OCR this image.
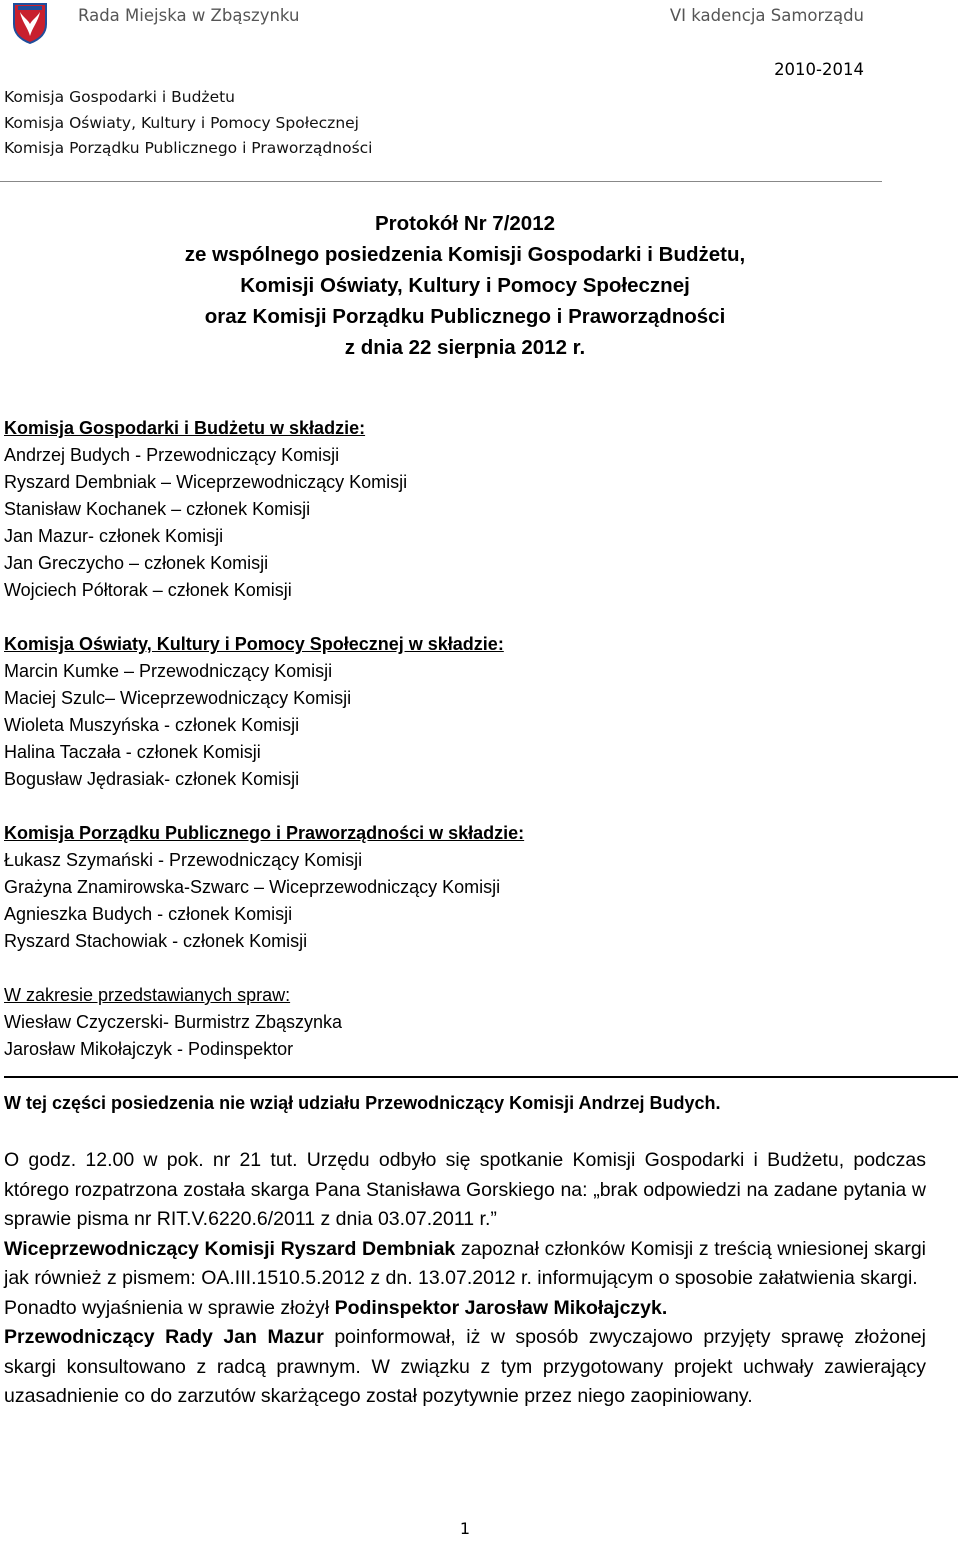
Rada Miejska w Zbąszynku	VI kadencja Samorządu
2010-2014
Komisja Gospodarki i Budżetu
Komisja Oświaty, Kultury i Pomocy Społecznej
Komisja Porządku Publicznego i Praworządności
Protokół Nr 7/2012
ze wspólnego posiedzenia Komisji Gospodarki i Budżetu,
Komisji Oświaty, Kultury i Pomocy Społecznej
oraz Komisji Porządku Publicznego i Praworządności
z dnia 22 sierpnia 2012 r.
Komisja Gospodarki i Budżetu w składzie:
Andrzej Budych - Przewodniczący Komisji
Ryszard Dembniak – Wiceprzewodniczący Komisji
Stanisław Kochanek – członek Komisji
Jan Mazur- członek Komisji
Jan Greczycho – członek Komisji
Wojciech Półtorak – członek Komisji
Komisja Oświaty, Kultury i Pomocy Społecznej w składzie:
Marcin Kumke – Przewodniczący Komisji
Maciej Szulc– Wiceprzewodniczący Komisji
Wioleta Muszyńska - członek Komisji
Halina Taczała - członek Komisji
Bogusław Jędrasiak- członek Komisji
Komisja Porządku Publicznego i Praworządności w składzie:
Łukasz Szymański - Przewodniczący Komisji
Grażyna Znamirowska-Szwarc – Wiceprzewodniczący Komisji
Agnieszka Budych - członek Komisji
Ryszard Stachowiak - członek Komisji
W zakresie przedstawianych spraw:
Wiesław Czyczerski- Burmistrz Zbąszynka
Jarosław Mikołajczyk - Podinspektor
W tej części posiedzenia nie wziął udziału Przewodniczący Komisji Andrzej Budych.

O godz. 12.00 w pok. nr 21 tut. Urzędu odbyło się spotkanie Komisji Gospodarki i Budżetu, podczas którego rozpatrzona została skarga Pana Stanisława Gorskiego na: „brak odpowiedzi na zadane pytania w sprawie pisma nr RIT.V.6220.6/2011 z dnia 03.07.2011 r.”

Wiceprzewodniczący Komisji Ryszard Dembniak zapoznał członków Komisji z treścią wniesionej skargi jak również z pismem: OA.III.1510.5.2012 z dn. 13.07.2012 r. informującym o sposobie załatwienia skargi.

Ponadto wyjaśnienia w sprawie złożył Podinspektor Jarosław Mikołajczyk.

Przewodniczący Rady Jan Mazur poinformował, iż w sposób zwyczajowo przyjęty sprawę złożonej skargi konsultowano z radcą prawnym. W związku z tym przygotowany projekt uchwały zawierający uzasadnienie co do zarzutów skarżącego został pozytywnie przez niego zaopiniowany.

1
